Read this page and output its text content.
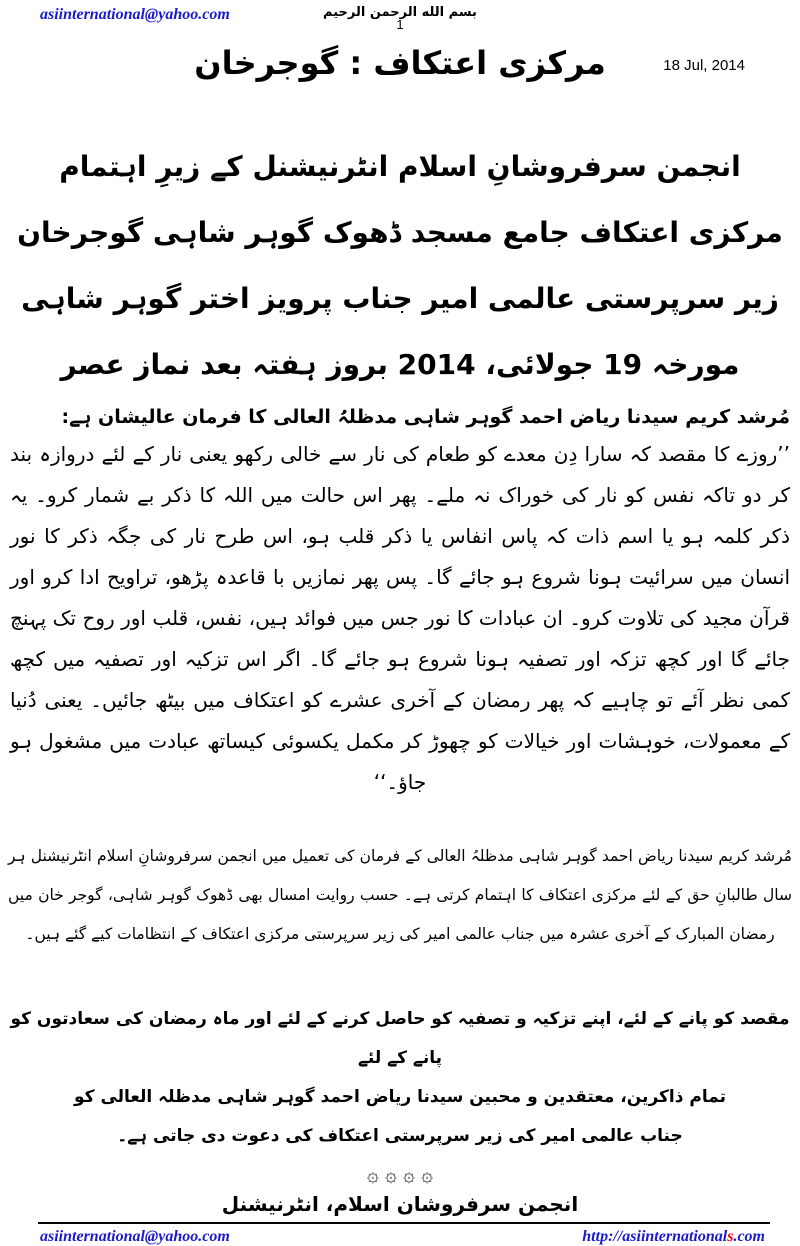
asiinternational@yahoo.com	بسم الله الرحمن الرحيم
1
مرکزی اعتکاف : گوجرخان	18 Jul, 2014
انجمن سرفروشانِ اسلام انٹرنیشنل کے زیرِ اہتمام
مرکزی اعتکاف جامع مسجد ڈھوک گوہر شاہی گوجرخان
زیر سرپرستی عالمی امیر جناب پرویز اختر گوہر شاہی
مورخہ 19 جولائی، 2014 بروز ہفتہ بعد نماز عصر
مُرشد کریم سیدنا ریاض احمد گوہر شاہی مدظلہُ العالی کا فرمان عالیشان ہے:
’’روزے کا مقصد کہ سارا دِن معدے کو طعام کی نار سے خالی رکھو یعنی نار کے لئے دروازہ بند کر دو تاکہ نفس کو نار کی خوراک نہ ملے۔ پھر اس حالت میں اللہ کا ذکر بے شمار کرو۔ یہ ذکر کلمہ ہو یا اسم ذات کہ پاس انفاس یا ذکر قلب ہو، اس طرح نار کی جگہ ذکر کا نور انسان میں سرائیت ہونا شروع ہو جائے گا۔ پس پھر نمازیں با قاعدہ پڑھو، تراویح ادا کرو اور قرآن مجید کی تلاوت کرو۔ ان عبادات کا نور جس میں فوائد ہیں، نفس، قلب اور روح تک پہنچ جائے گا اور کچھ تزکہ اور تصفیہ ہونا شروع ہو جائے گا۔ اگر اس تزکیہ اور تصفیہ میں کچھ کمی نظر آئے تو چاہیے کہ پھر رمضان کے آخری عشرے کو اعتکاف میں بیٹھ جائیں۔ یعنی دُنیا کے معمولات، خوہشات اور خیالات کو چھوڑ کر مکمل یکسوئی کیساتھ عبادت میں مشغول ہو جاؤ۔‘‘
مُرشد کریم سیدنا ریاض احمد گوہر شاہی مدظلہُ العالی کے فرمان کی تعمیل میں انجمن سرفروشانِ اسلام انٹرنیشنل ہر سال طالبانِ حق کے لئے مرکزی اعتکاف کا اہتمام کرتی ہے۔ حسب روایت امسال بھی ڈھوک گوہر شاہی، گوجر خان میں رمضان المبارک کے آخری عشرہ میں جناب عالمی امیر کی زیر سرپرستی مرکزی اعتکاف کے انتظامات کیے گئے ہیں۔
مقصد کو پانے کے لئے، اپنے تزکیہ و تصفیہ کو حاصل کرنے کے لئے اور ماہ رمضان کی سعادتوں کو پانے کے لئے
تمام ذاکرین، معتقدین و محبین سیدنا ریاض احمد گوہر شاہی مدظلہ العالی کو
جناب عالمی امیر کی زیر سرپرستی اعتکاف کی دعوت دی جاتی ہے۔
۞ ۞ ۞ ۞
انجمن سرفروشان اسلام، انٹرنیشنل
asiinternational@yahoo.com	http://asiinternationals.com
